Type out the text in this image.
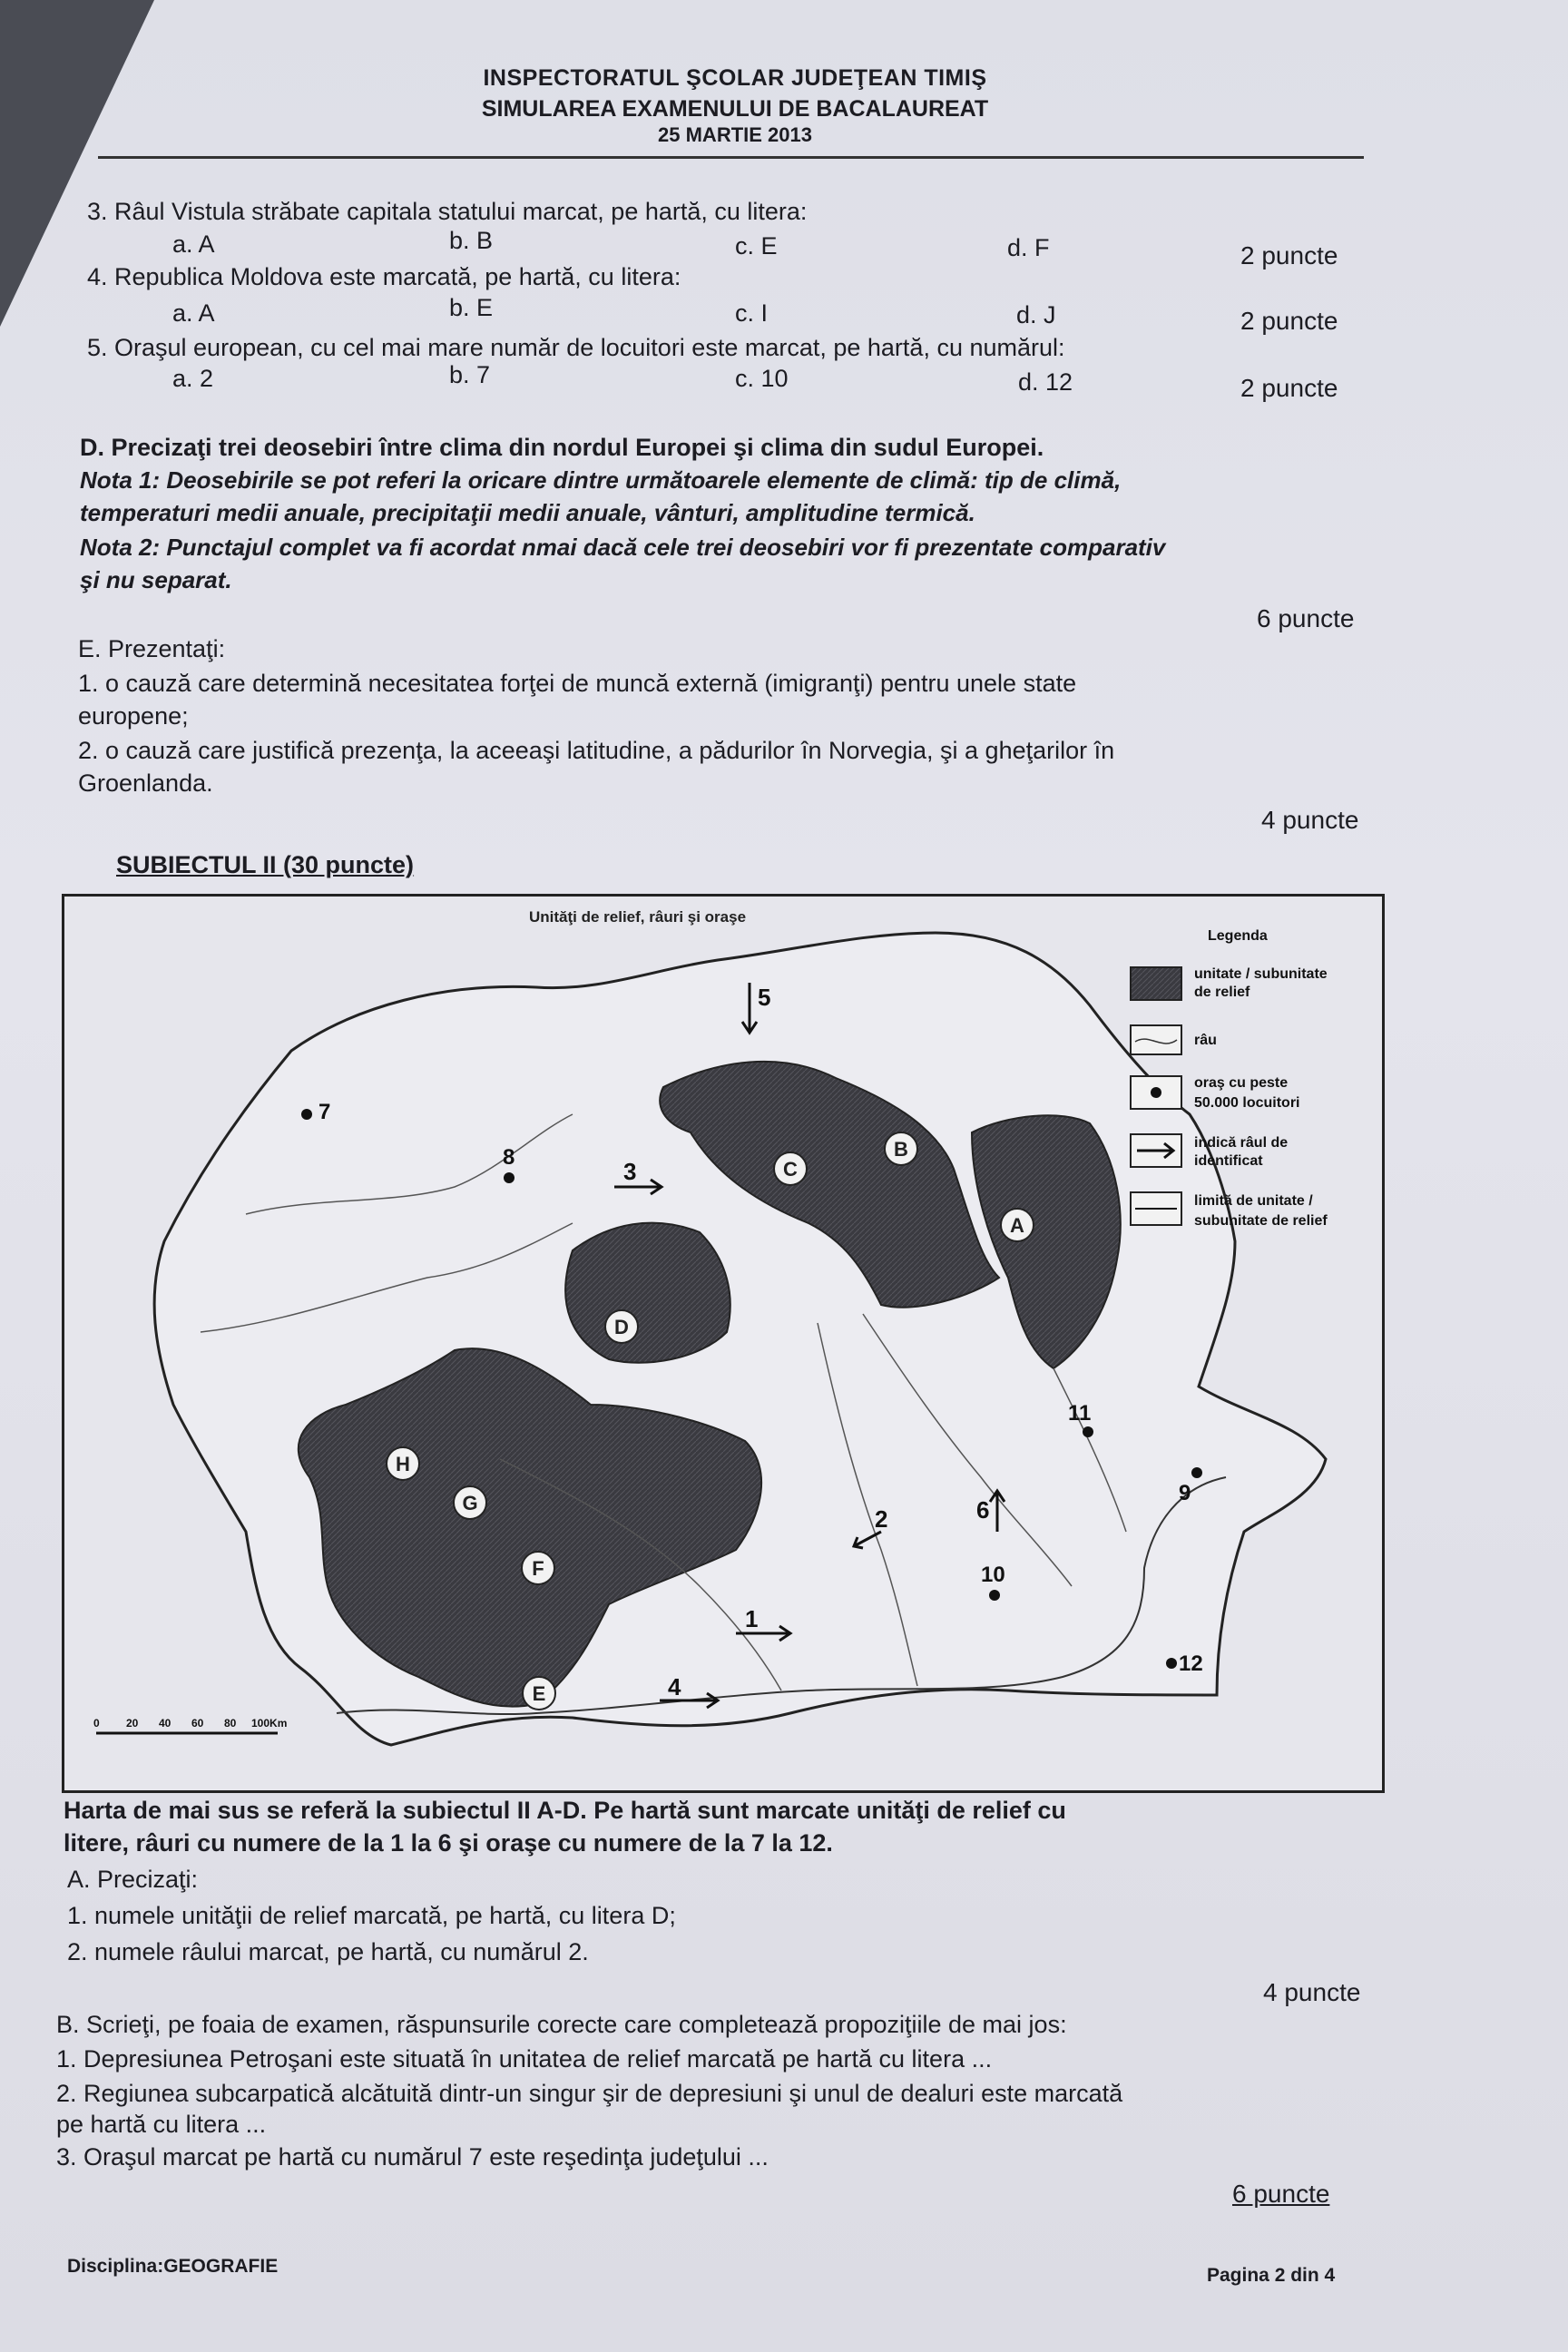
INSPECTORATUL ŞCOLAR JUDEŢEAN TIMIŞ
SIMULAREA EXAMENULUI DE BACALAUREAT
25 MARTIE 2013
3. Râul Vistula străbate capitala statului marcat, pe hartă, cu litera:
a. A	b. B	c. E	d. F	2 puncte
4. Republica Moldova este marcată, pe hartă, cu litera:
a. A	b. E	c. I	d. J	2 puncte
5. Oraşul european, cu cel mai mare număr de locuitori este marcat, pe hartă, cu numărul:
a. 2	b. 7	c. 10	d. 12	2 puncte
D. Precizaţi trei deosebiri între clima din nordul Europei şi clima din sudul Europei.
Nota 1: Deosebirile se pot referi la oricare dintre următoarele elemente de climă: tip de climă,
temperaturi medii anuale, precipitaţii medii anuale, vânturi, amplitudine termică.
Nota 2: Punctajul complet va fi acordat nmai dacă cele trei deosebiri vor fi prezentate comparativ
şi nu separat.
6 puncte
E. Prezentaţi:
1. o cauză care determină necesitatea forţei de muncă externă (imigranţi) pentru unele state
europene;
2. o cauză care justifică prezenţa, la aceeaşi latitudine, a pădurilor în Norvegia, şi a gheţarilor în
Groenlanda.
4 puncte
SUBIECTUL II (30 puncte)
Unităţi de relief, râuri şi oraşe
A
B
C
D
E
F
G
H
1
2
3
4
5
6
7
8
9
10
11
12
0 20 40 60 80 100Km
Legenda
unitate / subunitate
de relief
râu
oraş cu peste
50.000 locuitori
indică râul de
identificat
limită de unitate /
subunitate de relief
Harta de mai sus se referă la subiectul II A-D. Pe hartă sunt marcate unităţi de relief cu
litere, râuri cu numere de la 1 la 6 şi oraşe cu numere de la 7 la 12.
A. Precizaţi:
1. numele unităţii de relief marcată, pe hartă, cu litera D;
2. numele râului marcat, pe hartă, cu numărul 2.
4 puncte
B. Scrieţi, pe foaia de examen, răspunsurile corecte care completează propoziţiile de mai jos:
1. Depresiunea Petroşani este situată în unitatea de relief marcată pe hartă cu litera ...
2. Regiunea subcarpatică alcătuită dintr-un singur şir de depresiuni şi unul de dealuri este marcată
pe hartă cu litera ...
3. Oraşul marcat pe hartă cu numărul 7 este reşedinţa judeţului ...
6 puncte
Disciplina:GEOGRAFIE	Pagina 2 din 4
